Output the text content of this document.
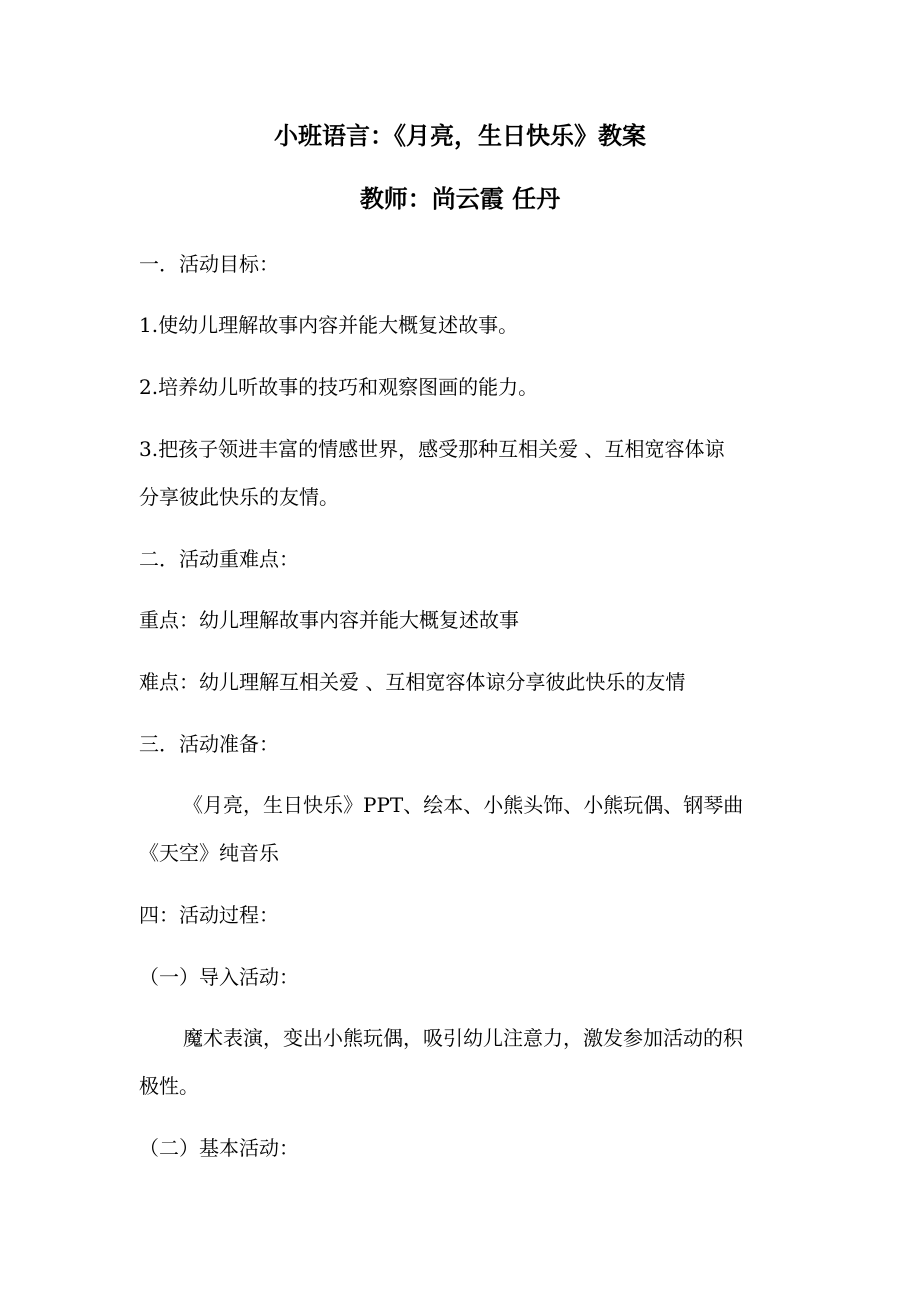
小班语言：《月亮，生日快乐》教案
教师：尚云霞 任丹

一．活动目标：

1.使幼儿理解故事内容并能大概复述故事。

2.培养幼儿听故事的技巧和观察图画的能力。

3.把孩子领进丰富的情感世界，感受那种互相关爱 、互相宽容体谅

分享彼此快乐的友情。

二．活动重难点：

重点：幼儿理解故事内容并能大概复述故事

难点：幼儿理解互相关爱 、互相宽容体谅分享彼此快乐的友情

三．活动准备：

《月亮，生日快乐》PPT、绘本、小熊头饰、小熊玩偶、钢琴曲

《天空》纯音乐

四：活动过程：

（一）导入活动：

魔术表演，变出小熊玩偶，吸引幼儿注意力，激发参加活动的积

极性。

（二）基本活动：
